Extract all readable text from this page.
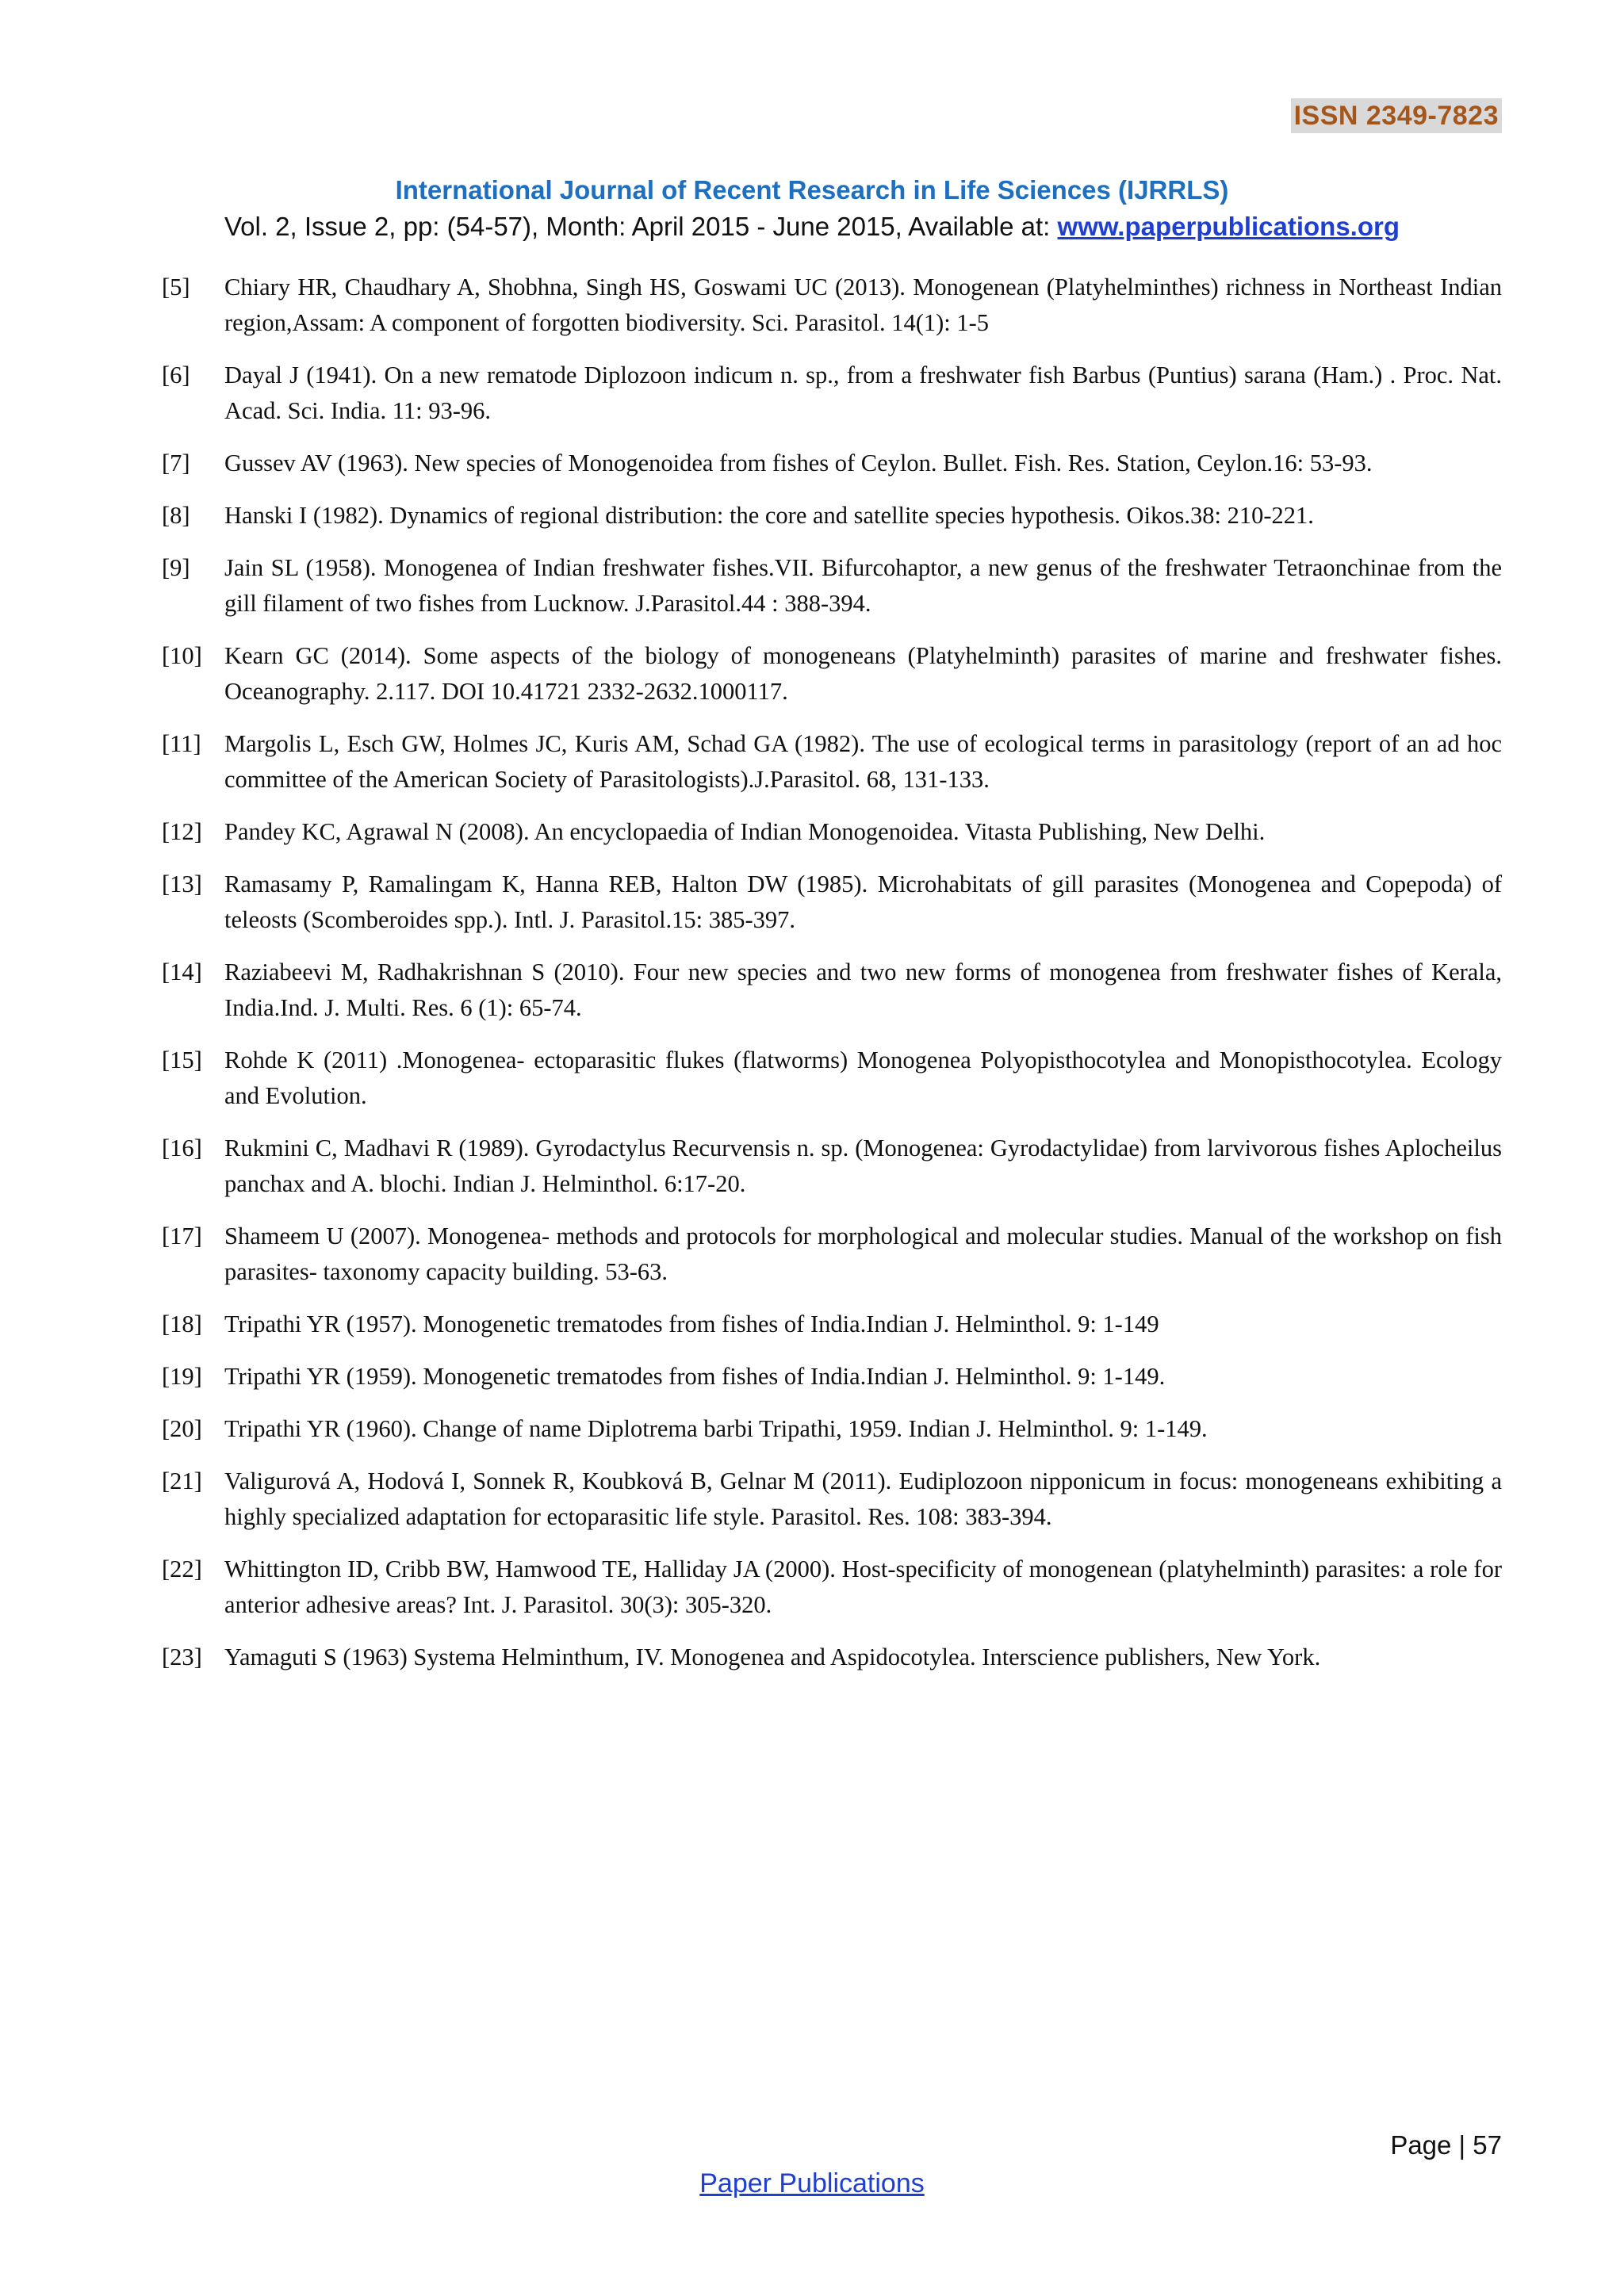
ISSN 2349-7823
International Journal of Recent Research in Life Sciences (IJRRLS)
Vol. 2, Issue 2, pp: (54-57), Month: April 2015 - June 2015, Available at: www.paperpublications.org
[5] Chiary HR, Chaudhary A, Shobhna, Singh HS, Goswami UC (2013). Monogenean (Platyhelminthes) richness in Northeast Indian region,Assam: A component of forgotten biodiversity. Sci. Parasitol. 14(1): 1-5
[6] Dayal J (1941). On a new rematode Diplozoon indicum n. sp., from a freshwater fish Barbus (Puntius) sarana (Ham.) . Proc. Nat. Acad. Sci. India. 11: 93-96.
[7] Gussev AV (1963). New species of Monogenoidea from fishes of Ceylon. Bullet. Fish. Res. Station, Ceylon.16: 53-93.
[8] Hanski I (1982). Dynamics of regional distribution: the core and satellite species hypothesis. Oikos.38: 210-221.
[9] Jain SL (1958). Monogenea of Indian freshwater fishes.VII. Bifurcohaptor, a new genus of the freshwater Tetraonchinae from the gill filament of two fishes from Lucknow. J.Parasitol.44 : 388-394.
[10] Kearn GC (2014). Some aspects of the biology of monogeneans (Platyhelminth) parasites of marine and freshwater fishes. Oceanography. 2.117. DOI 10.41721 2332-2632.1000117.
[11] Margolis L, Esch GW, Holmes JC, Kuris AM, Schad GA (1982). The use of ecological terms in parasitology (report of an ad hoc committee of the American Society of Parasitologists).J.Parasitol. 68, 131-133.
[12] Pandey KC, Agrawal N (2008). An encyclopaedia of Indian Monogenoidea. Vitasta Publishing, New Delhi.
[13] Ramasamy P, Ramalingam K, Hanna REB, Halton DW (1985). Microhabitats of gill parasites (Monogenea and Copepoda) of teleosts (Scomberoides spp.). Intl. J. Parasitol.15: 385-397.
[14] Raziabeevi M, Radhakrishnan S (2010). Four new species and two new forms of monogenea from freshwater fishes of Kerala, India.Ind. J. Multi. Res. 6 (1): 65-74.
[15] Rohde K (2011) .Monogenea- ectoparasitic flukes (flatworms) Monogenea Polyopisthocotylea and Monopisthocotylea. Ecology and Evolution.
[16] Rukmini C, Madhavi R (1989). Gyrodactylus Recurvensis n. sp. (Monogenea: Gyrodactylidae) from larvivorous fishes Aplocheilus panchax and A. blochi. Indian J. Helminthol. 6:17-20.
[17] Shameem U (2007). Monogenea- methods and protocols for morphological and molecular studies. Manual of the workshop on fish parasites- taxonomy capacity building. 53-63.
[18] Tripathi YR (1957). Monogenetic trematodes from fishes of India.Indian J. Helminthol. 9: 1-149
[19] Tripathi YR (1959). Monogenetic trematodes from fishes of India.Indian J. Helminthol. 9: 1-149.
[20] Tripathi YR (1960). Change of name Diplotrema barbi Tripathi, 1959. Indian J. Helminthol. 9: 1-149.
[21] Valigurová A, Hodová I, Sonnek R, Koubková B, Gelnar M (2011). Eudiplozoon nipponicum in focus: monogeneans exhibiting a highly specialized adaptation for ectoparasitic life style. Parasitol. Res. 108: 383-394.
[22] Whittington ID, Cribb BW, Hamwood TE, Halliday JA (2000). Host-specificity of monogenean (platyhelminth) parasites: a role for anterior adhesive areas? Int. J. Parasitol. 30(3): 305-320.
[23] Yamaguti S (1963) Systema Helminthum, IV. Monogenea and Aspidocotylea. Interscience publishers, New York.
Page | 57
Paper Publications
